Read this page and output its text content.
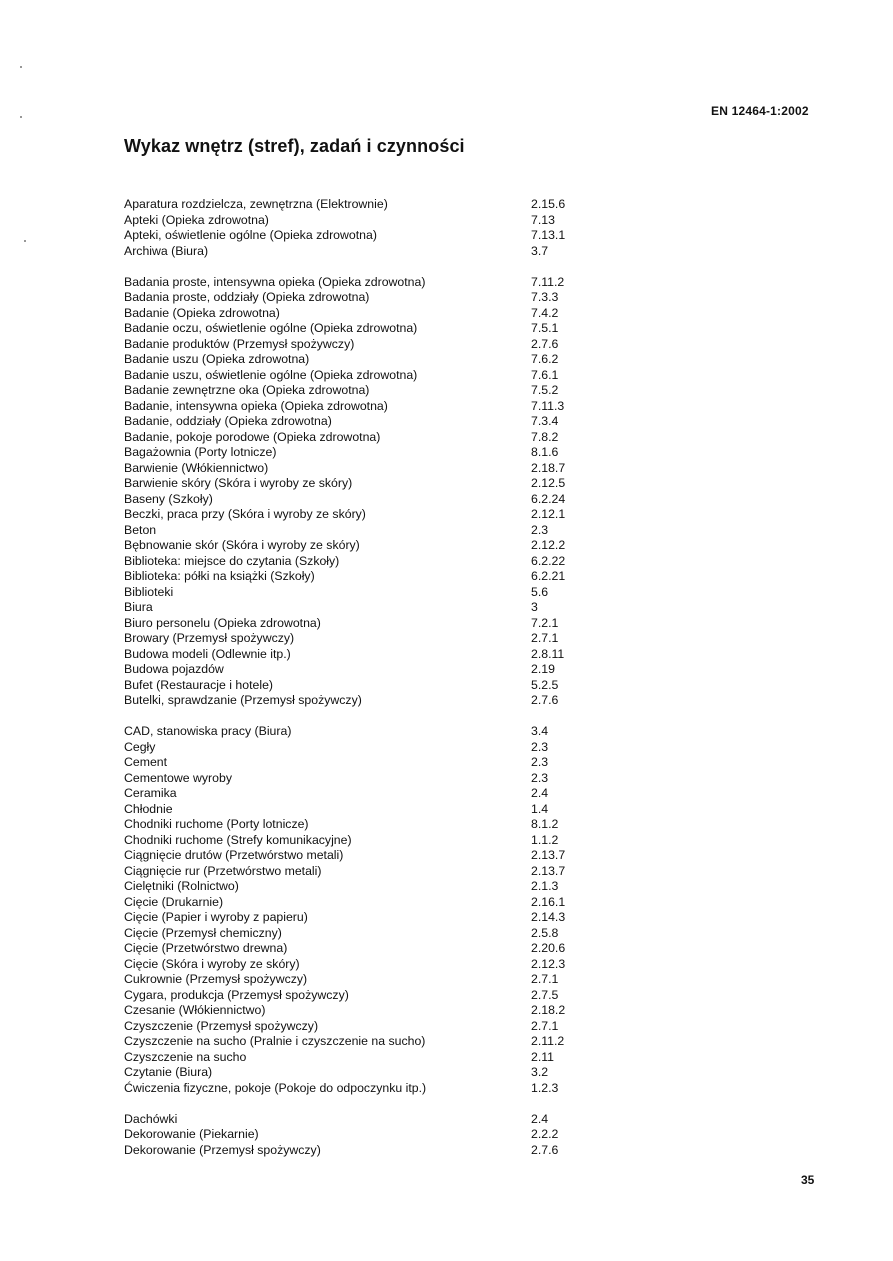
EN 12464-1:2002
Wykaz wnętrz (stref), zadań i czynności
Aparatura rozdzielcza, zewnętrzna (Elektrownie)	2.15.6
Apteki (Opieka zdrowotna)	7.13
Apteki, oświetlenie ogólne (Opieka zdrowotna)	7.13.1
Archiwa (Biura)	3.7
Badania proste, intensywna opieka (Opieka zdrowotna)	7.11.2
Badania proste, oddziały (Opieka zdrowotna)	7.3.3
Badanie (Opieka zdrowotna)	7.4.2
Badanie oczu, oświetlenie ogólne (Opieka zdrowotna)	7.5.1
Badanie produktów (Przemysł spożywczy)	2.7.6
Badanie uszu (Opieka zdrowotna)	7.6.2
Badanie uszu, oświetlenie ogólne (Opieka zdrowotna)	7.6.1
Badanie zewnętrzne oka (Opieka zdrowotna)	7.5.2
Badanie, intensywna opieka (Opieka zdrowotna)	7.11.3
Badanie, oddziały (Opieka zdrowotna)	7.3.4
Badanie, pokoje porodowe (Opieka zdrowotna)	7.8.2
Bagażownia (Porty lotnicze)	8.1.6
Barwienie (Włókiennictwo)	2.18.7
Barwienie skóry (Skóra i wyroby ze skóry)	2.12.5
Baseny (Szkoły)	6.2.24
Beczki, praca przy (Skóra i wyroby ze skóry)	2.12.1
Beton	2.3
Bębnowanie skór (Skóra i wyroby ze skóry)	2.12.2
Biblioteka: miejsce do czytania (Szkoły)	6.2.22
Biblioteka: półki na książki (Szkoły)	6.2.21
Biblioteki	5.6
Biura	3
Biuro personelu (Opieka zdrowotna)	7.2.1
Browary (Przemysł spożywczy)	2.7.1
Budowa modeli (Odlewnie itp.)	2.8.11
Budowa pojazdów	2.19
Bufet (Restauracje i hotele)	5.2.5
Butelki, sprawdzanie (Przemysł spożywczy)	2.7.6
CAD, stanowiska pracy (Biura)	3.4
Cegły	2.3
Cement	2.3
Cementowe wyroby	2.3
Ceramika	2.4
Chłodnie	1.4
Chodniki ruchome (Porty lotnicze)	8.1.2
Chodniki ruchome (Strefy komunikacyjne)	1.1.2
Ciągnięcie drutów (Przetwórstwo metali)	2.13.7
Ciągnięcie rur (Przetwórstwo metali)	2.13.7
Cielętniki (Rolnictwo)	2.1.3
Cięcie (Drukarnie)	2.16.1
Cięcie (Papier i wyroby z papieru)	2.14.3
Cięcie (Przemysł chemiczny)	2.5.8
Cięcie (Przetwórstwo drewna)	2.20.6
Cięcie (Skóra i wyroby ze skóry)	2.12.3
Cukrownie (Przemysł spożywczy)	2.7.1
Cygara, produkcja (Przemysł spożywczy)	2.7.5
Czesanie (Włókiennictwo)	2.18.2
Czyszczenie (Przemysł spożywczy)	2.7.1
Czyszczenie na sucho (Pralnie i czyszczenie na sucho)	2.11.2
Czyszczenie na sucho	2.11
Czytanie (Biura)	3.2
Ćwiczenia fizyczne, pokoje (Pokoje do odpoczynku itp.)	1.2.3
Dachówki	2.4
Dekorowanie (Piekarnie)	2.2.2
Dekorowanie (Przemysł spożywczy)	2.7.6
35
